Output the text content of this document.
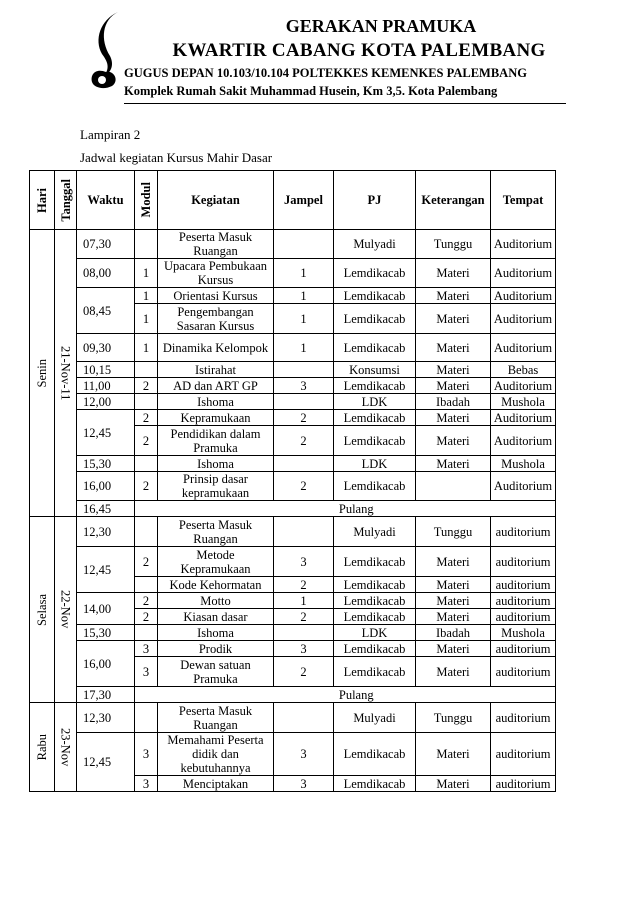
GERAKAN PRAMUKA
KWARTIR CABANG KOTA PALEMBANG
GUGUS DEPAN 10.103/10.104 POLTEKKES KEMENKES PALEMBANG
Komplek Rumah Sakit Muhammad Husein, Km 3,5. Kota Palembang
Lampiran 2
Jadwal kegiatan Kursus Mahir Dasar
Hari	Tanggal	Waktu	Modul	Kegiatan	Jampel	PJ	Keterangan	Tempat

Senin	21-Nov-11	07,30		Peserta Masuk Ruangan		Mulyadi	Tunggu	Auditorium
		08,00	1	Upacara Pembukaan Kursus	1	Lemdikacab	Materi	Auditorium
		08,45	1	Orientasi Kursus	1	Lemdikacab	Materi	Auditorium
			1	Pengembangan Sasaran Kursus	1	Lemdikacab	Materi	Auditorium
		09,30	1	Dinamika Kelompok	1	Lemdikacab	Materi	Auditorium
		10,15		Istirahat		Konsumsi	Materi	Bebas
		11,00	2	AD dan ART GP	3	Lemdikacab	Materi	Auditorium
		12,00		Ishoma		LDK	Ibadah	Mushola
		12,45	2	Kepramukaan	2	Lemdikacab	Materi	Auditorium
			2	Pendidikan dalam Pramuka	2	Lemdikacab	Materi	Auditorium
		15,30		Ishoma		LDK	Materi	Mushola
		16,00	2	Prinsip dasar kepramukaan	2	Lemdikacab		Auditorium
		16,45		Pulang				

Selasa	22-Nov	12,30		Peserta Masuk Ruangan		Mulyadi	Tunggu	auditorium
		12,45	2	Metode Kepramukaan	3	Lemdikacab	Materi	auditorium
				Kode Kehormatan	2	Lemdikacab	Materi	auditorium
		14,00	2	Motto	1	Lemdikacab	Materi	auditorium
			2	Kiasan dasar	2	Lemdikacab	Materi	auditorium
		15,30		Ishoma		LDK	Ibadah	Mushola
		16,00	3	Prodik	3	Lemdikacab	Materi	auditorium
			3	Dewan satuan Pramuka	2	Lemdikacab	Materi	auditorium
		17,30		Pulang				

Rabu	23-Nov	12,30		Peserta Masuk Ruangan		Mulyadi	Tunggu	auditorium
		12,45	3	Memahami Peserta didik dan kebutuhannya	3	Lemdikacab	Materi	auditorium
			3	Menciptakan	3	Lemdikacab	Materi	auditorium
